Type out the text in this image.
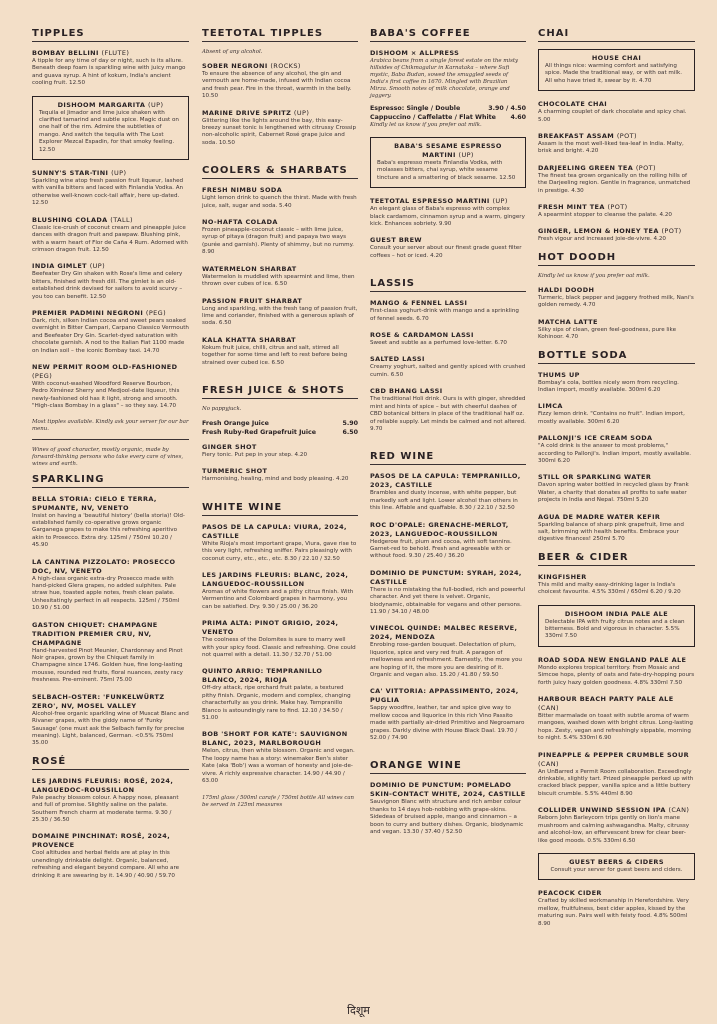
TIPPLES
BOMBAY BELLINI (FLUTE)
A tipple for any time of day or night, such is its allure. Beneath deep foam is sparkling wine with juicy mango and guava syrup. A hint of kokum, India's ancient cooling fruit. 12.50
DISHOOM MARGARITA (UP)
Tequila el Jimador and lime juice shaken with clarified tamarind and subtle spice. Magic dust on one half of the rim. Admire the subtleties of mango. And switch the tequila with The Lost Explorer Mezcal Espadin, for that smoky feeling. 12.50
SUNNY'S STAR-TINI (UP)
Sparkling wine atop fresh passion fruit liqueur, lashed with vanilla bitters and laced with Finlandia Vodka. An otherwise well-known cock-tail affair, here up-dated. 12.50
BLUSHING COLADA (TALL)
Classic ice-crush of coconut cream and pineapple juice dances with dragon fruit and pawpaw. Blushing pink, with a warm heart of Flor de Caña 4 Rum. Adorned with crimson dragon fruit. 12.50
INDIA GIMLET (UP)
Beefeater Dry Gin shaken with Rose's lime and celery bitters, finished with fresh dill. The gimlet is an old-established drink devised for sailors to avoid scurvy – you too can benefit. 12.50
PREMIER PADMINI NEGRONI (PEG)
Dark, rich, silken Indian cocoa and sweet pears soaked overnight in Bitter Campari, Carpano Classico Vermouth and Beefeater Dry Gin. Scarlet-dyed saturation with chocolate garnish. A nod to the Italian Fiat 1100 made on Indian soil – the iconic Bombay taxi. 14.70
NEW PERMIT ROOM OLD-FASHIONED (PEG)
With coconut-washed Woodford Reserve Bourbon, Pedro Ximénez Sherry and Medjool-date liqueur, this newly-fashioned old has it light, strong and smooth. "High-class Bombay in a glass" – so they say. 14.70
Most tipples available. Kindly ask your server for our bar menu.
Wines of good character, mostly organic, made by forward-thinking persons who take every care of vines, wines and earth.
SPARKLING
BELLA STORIA: CIELO E TERRA, SPUMANTE, NV, VENETO
Insist on having a 'beautiful history' (bella storia)! Old-established family co-operative grows organic Garganega grapes to make this refreshing aperitivo akin to Prosecco. Extra dry. 125ml / 750ml 10.20 / 45.90
LA CANTINA PIZZOLATO: PROSECCO DOC, NV, VENETO
A high-class organic extra-dry Prosecco made with hand-picked Glera grapes, no added sulphites. Pale straw hue, toasted apple notes, fresh clean palate. Unhesitatingly perfect in all respects. 125ml / 750ml 10.90 / 51.00
GASTON CHIQUET: CHAMPAGNE TRADITION PREMIER CRU, NV, CHAMPAGNE
Hand-harvested Pinot Meunier, Chardonnay and Pinot Noir grapes, grown by the Chiquet family in Champagne since 1746. Golden hue, fine long-lasting mousse, rounded red fruits, floral nuances, zesty racy freshness. Pre-eminent. 75ml 75.00
SELBACH-OSTER: 'FUNKELWÜRTZ ZERO', NV, MOSEL VALLEY
Alcohol-free organic sparkling wine of Muscat Blanc and Rivaner grapes, with the giddy name of 'Funky Sausage' (one must ask the Selbach family for precise meaning). Light, balanced, German. <0.5% 750ml 35.00
ROSÉ
LES JARDINS FLEURIS: ROSÉ, 2024, LANGUEDOC-ROUSSILLON
Pale peachy blossom colour. A happy nose, pleasant and full of promise. Slightly saline on the palate. Southern French charm at moderate terms. 9.30 / 25.30 / 36.50
DOMAINE PINCHINAT: ROSÉ, 2024, PROVENCE
Cool altitudes and herbal fields are at play in this unendingly drinkable delight. Organic, balanced, refreshing and elegant beyond compare. All who are drinking it are swearing by it. 14.90 / 40.90 / 59.70
TEETOTAL TIPPLES
Absent of any alcohol.
SOBER NEGRONI (ROCKS)
To ensure the absence of any alcohol, the gin and vermouth are home-made, infused with Indian cocoa and fresh pear. Fire in the throat, warmth in the belly. 10.50
MARINE DRIVE SPRITZ (UP)
Glittering like the lights around the bay, this easy-breezy sunset tonic is lengthened with citrussy Crossip non-alcoholic spirit, Cabernet Rosé grape juice and soda. 10.50
COOLERS & SHARBATS
FRESH NIMBU SODA
Light lemon drink to quench the thirst. Made with fresh juice, salt, sugar and soda. 5.40
NO-HAFTA COLADA
Frozen pineapple-coconut classic – with lime juice, syrup of pitaya (dragon fruit) and papaya two ways (purée and garnish). Plenty of shimmy, but no rummy. 8.90
WATERMELON SHARBAT
Watermelon is muddled with spearmint and lime, then thrown over cubes of ice. 6.50
PASSION FRUIT SHARBAT
Long and sparkling, with the fresh tang of passion fruit, lime and coriander, finished with a generous splash of soda. 6.50
KALA KHATTA SHARBAT
Kokum fruit juice, chilli, citrus and salt, stirred all together for some time and left to rest before being strained over cubed ice. 6.50
FRESH JUICE & SHOTS
No pappyjuck.
Fresh Orange Juice	5.90
Fresh Ruby-Red Grapefruit Juice	6.50
GINGER SHOT
Fiery tonic. Put pep in your step. 4.20
TURMERIC SHOT
Harmonising, healing, mind and body pleasing. 4.20
WHITE WINE
PASOS DE LA CAPULA: VIURA, 2024, CASTILLE
White Rioja's most important grape, Viura, gave rise to this very light, refreshing sniffer. Pairs pleasingly with coconut curry, etc., etc., etc. 8.30 / 22.10 / 32.50
LES JARDINS FLEURIS: BLANC, 2024, LANGUEDOC-ROUSSILLON
Aromas of white flowers and a pithy citrus finish. With Vermentino and Colombard grapes in harmony, you can be satisfied. Dry. 9.30 / 25.00 / 36.20
PRIMA ALTA: PINOT GRIGIO, 2024, VENETO
The coolness of the Dolomites is sure to marry well with your spicy food. Classic and refreshing. One could not quarrel with a detail. 11.30 / 32.70 / 51.00
QUINTO ARRIO: TEMPRANILLO BLANCO, 2024, RIOJA
Off-dry attack, ripe orchard fruit palate, a textured pithy finish. Organic, modern and complex, changing characterfully as you drink. Make hay. Tempranillo Blanco is astoundingly rare to find. 12.10 / 34.50 / 51.00
BOB 'SHORT FOR KATE': SAUVIGNON BLANC, 2023, MARLBOROUGH
Melon, citrus, then white blossom. Organic and vegan. The loopy name has a story: winemaker Ben's sister Kate (aka 'Bob') was a woman of honesty and joie-de-vivre. A richly expressive character. 14.90 / 44.90 / 63.00
175ml glass / 500ml carafe / 750ml bottle All wines can be served in 125ml measures
BABA'S COFFEE
DISHOOM × ALLPRESS
Arabica beans from a single forest estate on the misty hillsides of Chikmagalur in Karnataka – where Sufi mystic, Baba Budan, sowed the smuggled seeds of India's first coffee in 1670. Mingled with Brazilian Mirza. Smooth notes of milk chocolate, orange and jaggery.
Espresso: Single / Double	3.90 / 4.50
Cappuccino / Caffelatte / Flat White 4.60
Kindly let us know if you prefer oat milk.
BABA'S SESAME ESPRESSO MARTINI (UP)
Baba's espresso meets Finlandia Vodka, with molasses bitters, chai syrup, white sesame tincture and a smattering of black sesame. 12.50
TEETOTAL ESPRESSO MARTINI (UP)
An elegant glass of Baba's espresso with complex black cardamom, cinnamon syrup and a warm, gingery kick. Enhances sobriety. 9.90
GUEST BREW
Consult your server about our finest grade guest filter coffees – hot or iced. 4.20
LASSIS
MANGO & FENNEL LASSI
First-class yoghurt-drink with mango and a sprinkling of fennel seeds. 6.70
ROSE & CARDAMON LASSI
Sweet and subtle as a perfumed love-letter. 6.70
SALTED LASSI
Creamy yoghurt, salted and gently spiced with crushed cumin. 6.50
CBD BHANG LASSI
The traditional Holi drink. Ours is with ginger, shredded mint and hints of spice – but with cheerful dashes of CBD botanical bitters in place of the traditional half oz. of reliable supply. Let minds be calmed and not altered. 9.70
RED WINE
PASOS DE LA CAPULA: TEMPRANILLO, 2023, CASTILLE
Brambles and dusty incense, with white pepper, but markedly soft and light. Lower alcohol than others in this line. Affable and quaffable. 8.30 / 22.10 / 32.50
ROC D'OPALE: GRENACHE-MERLOT, 2023, LANGUEDOC-ROUSSILLON
Hedgerow fruit, plum and cocoa, with soft tannins. Garnet-red to behold. Fresh and agreeable with or without food. 9.30 / 25.40 / 36.20
DOMINIO DE PUNCTUM: SYRAH, 2024, CASTILLE
There is no mistaking the full-bodied, rich and powerful character. And yet there is velvet. Organic, biodynamic, obtainable for vegans and other persons. 11.90 / 34.10 / 48.00
VINECOL QUINDE: MALBEC RESERVE, 2024, MENDOZA
Enrobing rose-garden bouquet. Delectation of plum, liquorice, spice and very red fruit. A paragon of mellowness and refreshment. Earnestly, the more you are hoping of it, the more you are desiring of it. Organic and vegan also. 15.20 / 41.80 / 59.50
CA' VITTORIA: APPASSIMENTO, 2024, PUGLIA
Sappy woodfire, leather, tar and spice give way to mellow cocoa and liquorice in this rich Vino Passito made with partially air-dried Primitivo and Negroamaro grapes. Darkly divine with House Black Daal. 19.70 / 52.00 / 74.90
ORANGE WINE
DOMINIO DE PUNCTUM: POMELADO SKIN-CONTACT WHITE, 2024, CASTILLE
Sauvignon Blanc with structure and rich amber colour thanks to 14 days hob-nobbing with grape-skins. Sidedeas of bruised apple, mango and cinnamon – a boon to curry and buttery dishes. Organic, biodynamic and vegan. 13.30 / 37.40 / 52.50
CHAI
HOUSE CHAI
All things nice: warming comfort and satisfying spice. Made the traditional way, or with oat milk. All who have tried it, swear by it. 4.70
CHOCOLATE CHAI
A charming couplet of dark chocolate and spicy chai. 5.00
BREAKFAST ASSAM (POT)
Assam is the most well-liked tea-leaf in India. Malty, brisk and bright. 4.20
DARJEELING GREEN TEA (POT)
The finest tea grown organically on the rolling hills of the Darjeeling region. Gentle in fragrance, unmatched in prestige. 4.30
FRESH MINT TEA (POT)
A spearmint stopper to cleanse the palate. 4.20
GINGER, LEMON & HONEY TEA (POT)
Fresh vigour and increased joie-de-vivre. 4.20
HOT DOODH
Kindly let us know if you prefer oat milk.
HALDI DOODH
Turmeric, black pepper and jaggery frothed milk, Nani's golden remedy. 4.70
MATCHA LATTE
Silky sips of clean, green feel-goodness, pure like Kohinoor. 4.70
BOTTLE SODA
THUMS UP
Bombay's cola, bottles nicely worn from recycling. Indian import, mostly available. 300ml 6.20
LIMCA
Fizzy lemon drink. "Contains no fruit". Indian import, mostly available. 300ml 6.20
PALLONJI'S ICE CREAM SODA
"A cold drink is the answer to most problems," according to Pallonji's. Indian import, mostly available. 300ml 6.20
STILL OR SPARKLING WATER
Davon spring water bottled in recycled glass by Frank Water, a charity that donates all profits to safe water projects in India and Nepal. 750ml 5.20
AGUA DE MADRE WATER KEFIR
Sparkling balance of sharp pink grapefruit, lime and salt, brimming with health benefits. Embrace your digestive finances! 250ml 5.70
BEER & CIDER
KINGFISHER
This mild and malty easy-drinking lager is India's choicest favourite. 4.5% 330ml / 650ml 6.20 / 9.20
DISHOOM INDIA PALE ALE
Delectable IPA with fruity citrus notes and a clean bitterness. Bold and vigorous in character. 5.5% 330ml 7.50
ROAD SODA NEW ENGLAND PALE ALE
Mondo explores tropical territory. From Mosaic and Simcoe hops, plenty of oats and fate-dry-hopping pours forth juicy hazy golden goodness. 4.8% 330ml 7.50
HARBOUR BEACH PARTY PALE ALE (CAN)
Bitter marmalade on toast with subtle aroma of warm mangoes, washed down with bright citrus. Long-lasting hops. Zesty, vegan and refreshingly sippable, morning to night. 5.4% 330ml 6.90
PINEAPPLE & PEPPER CRUMBLE SOUR (CAN)
An UnBarred x Permit Room collaboration. Exceedingly drinkable, slightly tart. Prized pineapple perked up with cracked black pepper, vanilla spice and a little buttery biscuit crumble. 5.5% 440ml 8.90
COLLIDER UNWIND SESSION IPA (CAN)
Reborn John Barleycorn trips gently on lion's mane mushroom and calming ashwagandha. Malty, citrussy and alcohol-low, an effervescent brew for clear beer-like good moods. 0.5% 330ml 6.50
GUEST BEERS & CIDERS
Consult your server for guest beers and ciders.
PEACOCK CIDER
Crafted by skilled workmanship in Herefordshire. Very mellow, fruitfulness, best cider apples, kissed by the maturing sun. Pairs well with feisty food. 4.8% 500ml 8.90
दिशूम
